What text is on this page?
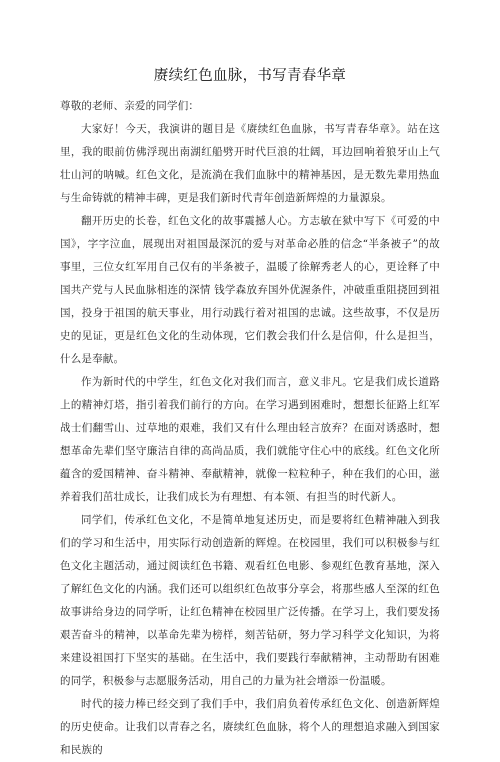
赓续红色血脉，书写青春华章

尊敬的老师、亲爱的同学们：

大家好！今天，我演讲的题目是《赓续红色血脉，书写青春华章》。站在这里，我的眼前仿佛浮现出南湖红船劈开时代巨浪的壮阔，耳边回响着狼牙山上气壮山河的呐喊。红色文化，是流淌在我们血脉中的精神基因，是无数先辈用热血与生命铸就的精神丰碑，更是我们新时代青年创造新辉煌的力量源泉。

翻开历史的长卷，红色文化的故事震撼人心。方志敏在狱中写下《可爱的中国》，字字泣血，展现出对祖国最深沉的爱与对革命必胜的信念“半条被子”的故事里，三位女红军用自己仅有的半条被子，温暖了徐解秀老人的心，更诠释了中国共产党与人民血脉相连的深情 钱学森放弃国外优渥条件，冲破重重阻挠回到祖国，投身于祖国的航天事业，用行动践行着对祖国的忠诚。这些故事，不仅是历史的见证，更是红色文化的生动体现，它们教会我们什么是信仰，什么是担当，什么是奉献。

作为新时代的中学生，红色文化对我们而言，意义非凡。它是我们成长道路上的精神灯塔，指引着我们前行的方向。在学习遇到困难时，想想长征路上红军战士们翻雪山、过草地的艰难，我们又有什么理由轻言放弃？在面对诱惑时，想想革命先辈们坚守廉洁自律的高尚品质，我们就能守住心中的底线。红色文化所蕴含的爱国精神、奋斗精神、奉献精神，就像一粒粒种子，种在我们的心田，滋养着我们茁壮成长，让我们成长为有理想、有本领、有担当的时代新人。

同学们，传承红色文化，不是简单地复述历史，而是要将红色精神融入到我们的学习和生活中，用实际行动创造新的辉煌。在校园里，我们可以积极参与红色文化主题活动，通过阅读红色书籍、观看红色电影、参观红色教育基地，深入了解红色文化的内涵。我们还可以组织红色故事分享会，将那些感人至深的红色故事讲给身边的同学听，让红色精神在校园里广泛传播。在学习上，我们要发扬艰苦奋斗的精神，以革命先辈为榜样，刻苦钻研，努力学习科学文化知识，为将来建设祖国打下坚实的基础。在生活中，我们要践行奉献精神，主动帮助有困难的同学，积极参与志愿服务活动，用自己的力量为社会增添一份温暖。

时代的接力棒已经交到了我们手中，我们肩负着传承红色文化、创造新辉煌的历史使命。让我们以青春之名，赓续红色血脉，将个人的理想追求融入到国家和民族的
